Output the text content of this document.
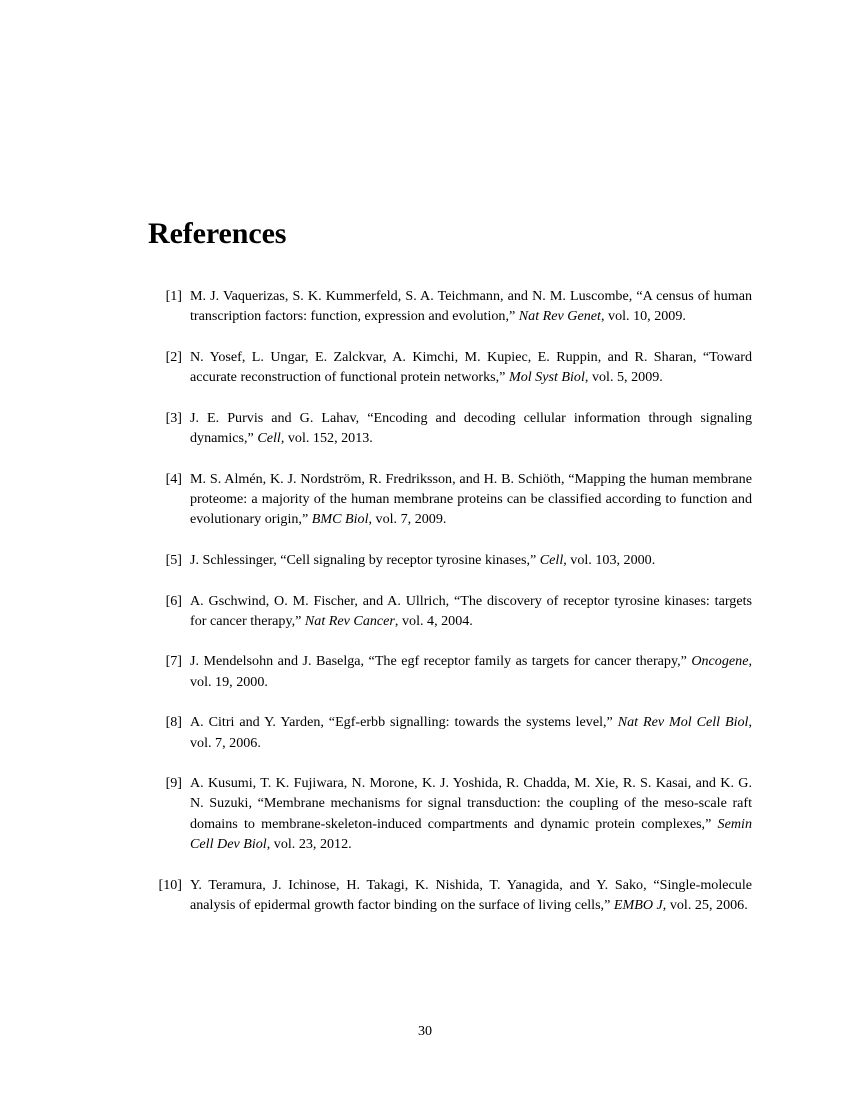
References
[1] M. J. Vaquerizas, S. K. Kummerfeld, S. A. Teichmann, and N. M. Luscombe, “A census of human transcription factors: function, expression and evolution,” Nat Rev Genet, vol. 10, 2009.
[2] N. Yosef, L. Ungar, E. Zalckvar, A. Kimchi, M. Kupiec, E. Ruppin, and R. Sharan, “Toward accurate reconstruction of functional protein networks,” Mol Syst Biol, vol. 5, 2009.
[3] J. E. Purvis and G. Lahav, “Encoding and decoding cellular information through signaling dynamics,” Cell, vol. 152, 2013.
[4] M. S. Almén, K. J. Nordström, R. Fredriksson, and H. B. Schiöth, “Mapping the human membrane proteome: a majority of the human membrane proteins can be classified according to function and evolutionary origin,” BMC Biol, vol. 7, 2009.
[5] J. Schlessinger, “Cell signaling by receptor tyrosine kinases,” Cell, vol. 103, 2000.
[6] A. Gschwind, O. M. Fischer, and A. Ullrich, “The discovery of receptor tyrosine kinases: targets for cancer therapy,” Nat Rev Cancer, vol. 4, 2004.
[7] J. Mendelsohn and J. Baselga, “The egf receptor family as targets for cancer therapy,” Oncogene, vol. 19, 2000.
[8] A. Citri and Y. Yarden, “Egf-erbb signalling: towards the systems level,” Nat Rev Mol Cell Biol, vol. 7, 2006.
[9] A. Kusumi, T. K. Fujiwara, N. Morone, K. J. Yoshida, R. Chadda, M. Xie, R. S. Kasai, and K. G. N. Suzuki, “Membrane mechanisms for signal transduction: the coupling of the meso-scale raft domains to membrane-skeleton-induced compartments and dynamic protein complexes,” Semin Cell Dev Biol, vol. 23, 2012.
[10] Y. Teramura, J. Ichinose, H. Takagi, K. Nishida, T. Yanagida, and Y. Sako, “Single-molecule analysis of epidermal growth factor binding on the surface of living cells,” EMBO J, vol. 25, 2006.
30
